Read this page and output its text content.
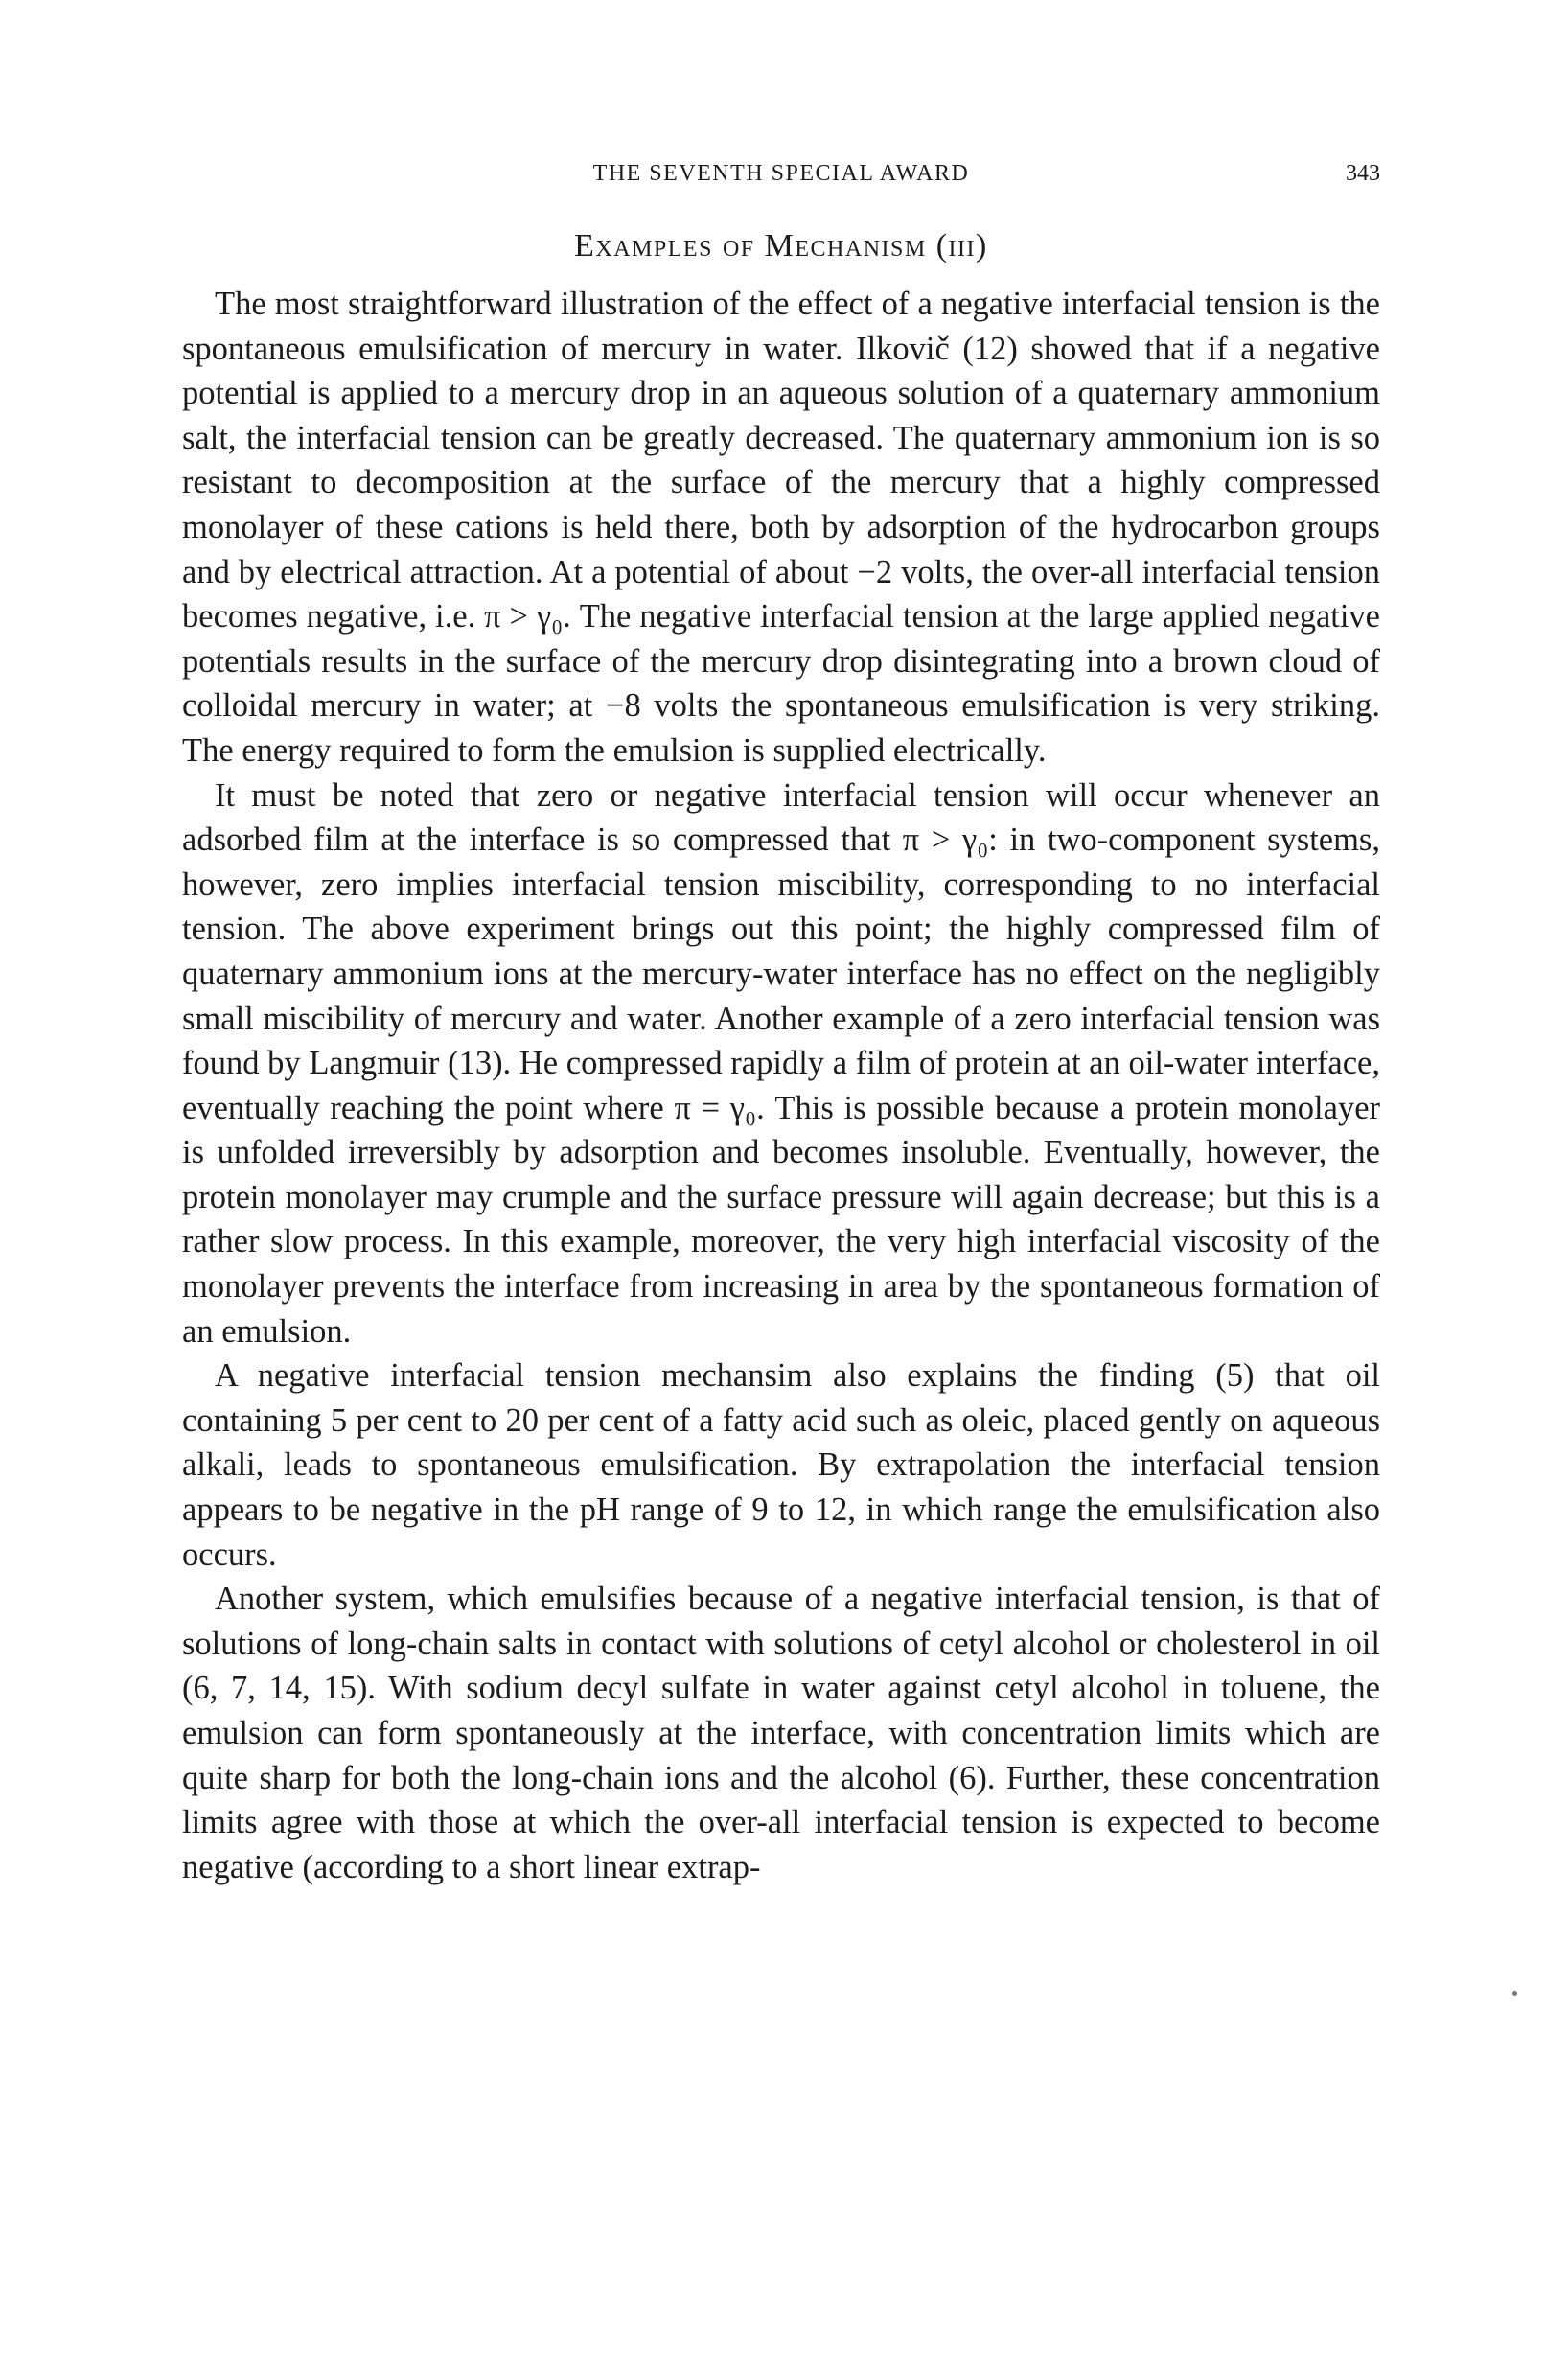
THE SEVENTH SPECIAL AWARD	343
Examples of Mechanism (iii)

The most straightforward illustration of the effect of a negative interfacial tension is the spontaneous emulsification of mercury in water. Ilkovič (12) showed that if a negative potential is applied to a mercury drop in an aqueous solution of a quaternary ammonium salt, the interfacial tension can be greatly decreased. The quaternary ammonium ion is so resistant to decomposition at the surface of the mercury that a highly compressed monolayer of these cations is held there, both by adsorption of the hydrocarbon groups and by electrical attraction. At a potential of about −2 volts, the over-all interfacial tension becomes negative, i.e. π > γ₀. The negative interfacial tension at the large applied negative potentials results in the surface of the mercury drop disintegrating into a brown cloud of colloidal mercury in water; at −8 volts the spontaneous emulsification is very striking. The energy required to form the emulsion is supplied electrically.

It must be noted that zero or negative interfacial tension will occur whenever an adsorbed film at the interface is so compressed that π > γ₀: in two-component systems, however, zero implies interfacial tension miscibility, corresponding to no interfacial tension. The above experiment brings out this point; the highly compressed film of quaternary ammonium ions at the mercury-water interface has no effect on the negligibly small miscibility of mercury and water. Another example of a zero interfacial tension was found by Langmuir (13). He compressed rapidly a film of protein at an oil-water interface, eventually reaching the point where π = γ₀. This is possible because a protein monolayer is unfolded irreversibly by adsorption and becomes insoluble. Eventually, however, the protein monolayer may crumple and the surface pressure will again decrease; but this is a rather slow process. In this example, moreover, the very high interfacial viscosity of the monolayer prevents the interface from increasing in area by the spontaneous formation of an emulsion.

A negative interfacial tension mechansim also explains the finding (5) that oil containing 5 per cent to 20 per cent of a fatty acid such as oleic, placed gently on aqueous alkali, leads to spontaneous emulsification. By extrapolation the interfacial tension appears to be negative in the pH range of 9 to 12, in which range the emulsification also occurs.

Another system, which emulsifies because of a negative interfacial tension, is that of solutions of long-chain salts in contact with solutions of cetyl alcohol or cholesterol in oil (6, 7, 14, 15). With sodium decyl sulfate in water against cetyl alcohol in toluene, the emulsion can form spontaneously at the interface, with concentration limits which are quite sharp for both the long-chain ions and the alcohol (6). Further, these concentration limits agree with those at which the over-all interfacial tension is expected to become negative (according to a short linear extrap-
